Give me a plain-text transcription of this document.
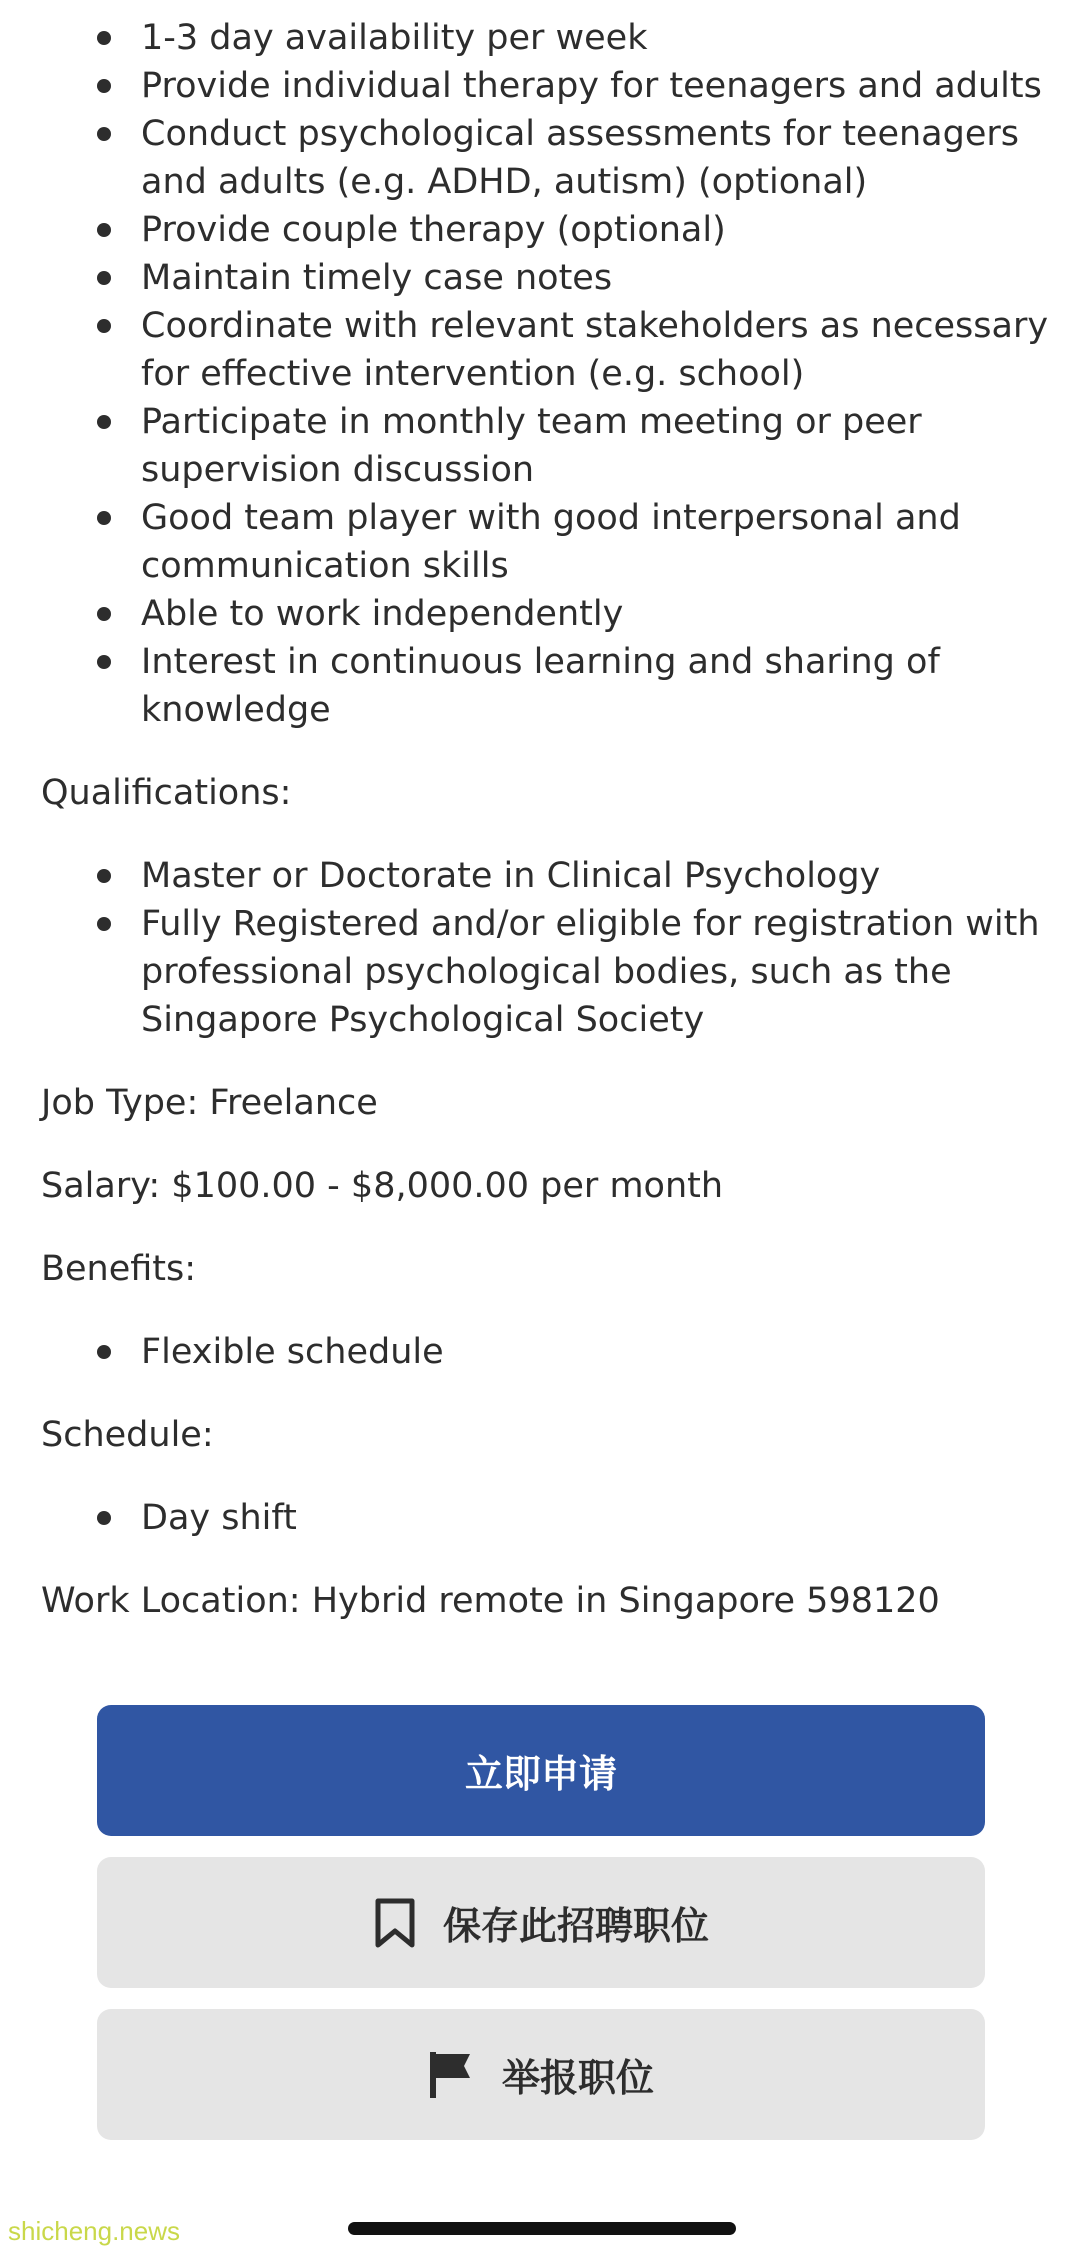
1-3 day availability per week
Provide individual therapy for teenagers and adults
Conduct psychological assessments for teenagers and adults (e.g. ADHD, autism) (optional)
Provide couple therapy (optional)
Maintain timely case notes
Coordinate with relevant stakeholders as necessary for effective intervention (e.g. school)
Participate in monthly team meeting or peer supervision discussion
Good team player with good interpersonal and communication skills
Able to work independently
Interest in continuous learning and sharing of knowledge
Qualifications:
Master or Doctorate in Clinical Psychology
Fully Registered and/or eligible for registration with professional psychological bodies, such as the Singapore Psychological Society
Job Type: Freelance
Salary: $100.00 - $8,000.00 per month
Benefits:
Flexible schedule
Schedule:
Day shift
Work Location: Hybrid remote in Singapore 598120
立即申请
保存此招聘职位
举报职位
shicheng.news
